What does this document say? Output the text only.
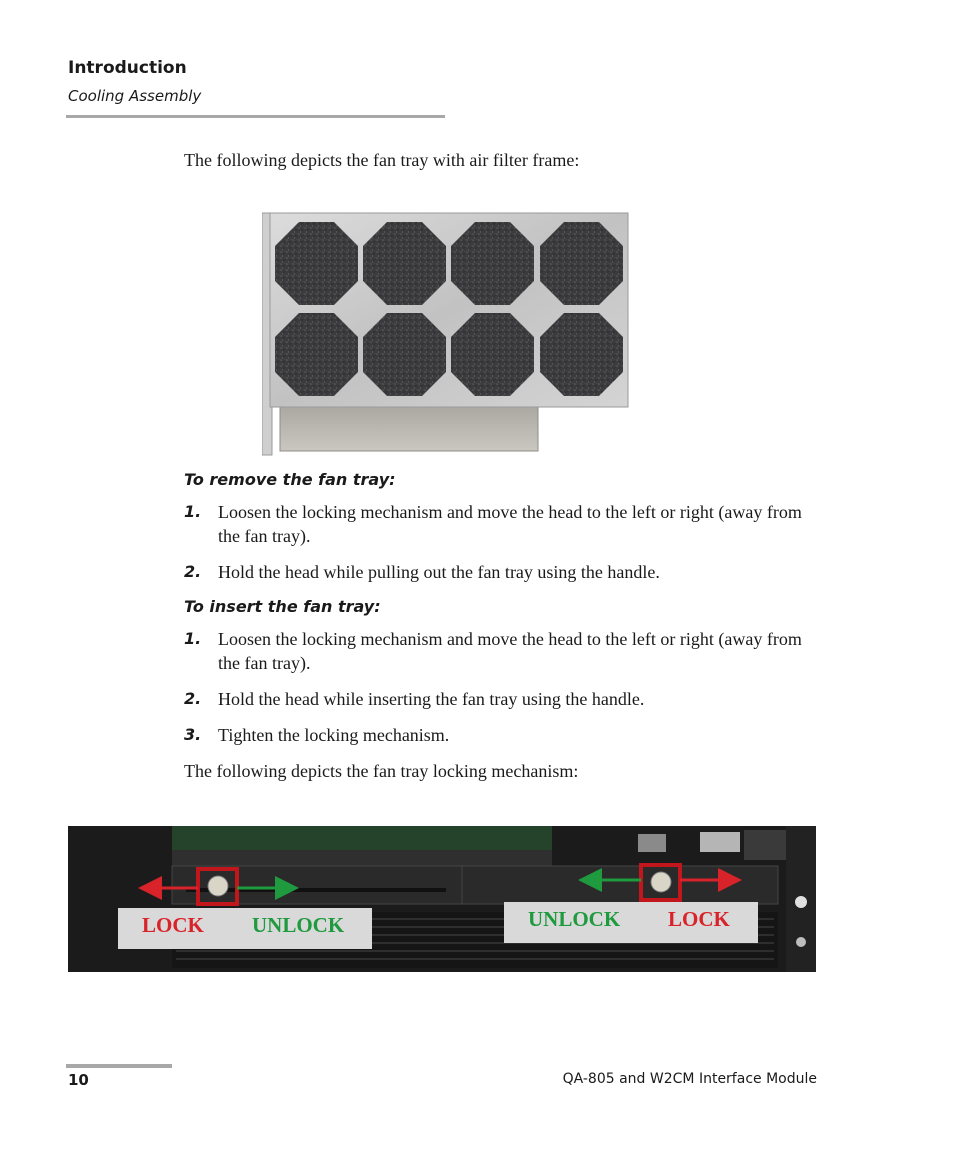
Introduction
Cooling Assembly

The following depicts the fan tray with air filter frame:

To remove the fan tray:
1. Loosen the locking mechanism and move the head to the left or right (away from the fan tray).
2. Hold the head while pulling out the fan tray using the handle.
To insert the fan tray:
1. Loosen the locking mechanism and move the head to the left or right (away from the fan tray).
2. Hold the head while inserting the fan tray using the handle.
3. Tighten the locking mechanism.

The following depicts the fan tray locking mechanism:

LOCK UNLOCK	UNLOCK LOCK
10	QA-805 and W2CM Interface Module
